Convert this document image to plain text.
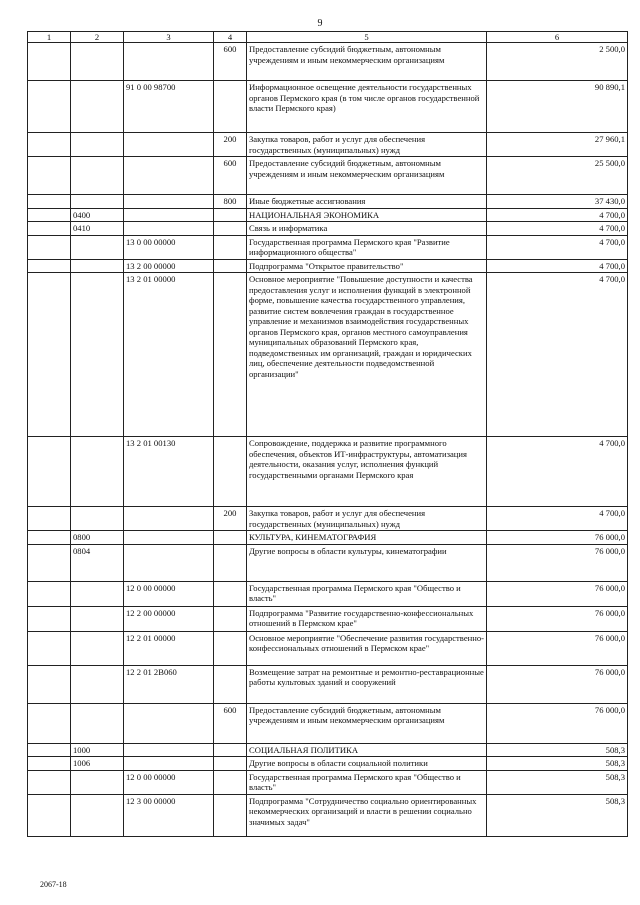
9
1	2	3	4	5	6
			600	Предоставление субсидий бюджетным, автономным учреждениям и иным некоммерческим организациям	2 500,0
		91 0 00 98700		Информационное освещение деятельности государственных органов Пермского края (в том числе органов государственной власти Пермского края)	90 890,1
			200	Закупка товаров, работ и услуг для обеспечения государственных (муниципальных) нужд	27 960,1
			600	Предоставление субсидий бюджетным, автономным учреждениям и иным некоммерческим организациям	25 500,0
			800	Иные бюджетные ассигнования	37 430,0
	0400			НАЦИОНАЛЬНАЯ ЭКОНОМИКА	4 700,0
	0410			Связь и информатика	4 700,0
		13 0 00 00000		Государственная программа Пермского края "Развитие информационного общества"	4 700,0
		13 2 00 00000		Подпрограмма "Открытое правительство"	4 700,0
		13 2 01 00000		Основное мероприятие "Повышение доступности и качества предоставления услуг и исполнения функций в электронной форме, повышение качества государственного управления, развитие систем вовлечения граждан в государственное управление и механизмов взаимодействия государственных органов Пермского края, органов местного самоуправления муниципальных образований Пермского края, подведомственных им организаций, граждан и юридических лиц, обеспечение деятельности подведомственной организации"	4 700,0
		13 2 01 00130		Сопровождение, поддержка и развитие программного обеспечения, объектов ИТ-инфраструктуры, автоматизация деятельности, оказания услуг, исполнения функций государственными органами Пермского края	4 700,0
			200	Закупка товаров, работ и услуг для обеспечения государственных (муниципальных) нужд	4 700,0
	0800			КУЛЬТУРА, КИНЕМАТОГРАФИЯ	76 000,0
	0804			Другие вопросы в области культуры, кинематографии	76 000,0
		12 0 00 00000		Государственная программа Пермского края "Общество и власть"	76 000,0
		12 2 00 00000		Подпрограмма "Развитие государственно-конфессиональных отношений в Пермском крае"	76 000,0
		12 2 01 00000		Основное мероприятие "Обеспечение развития государственно-конфессиональных отношений в Пермском крае"	76 000,0
		12 2 01 2В060		Возмещение затрат на ремонтные и ремонтно-реставрационные работы культовых зданий и сооружений	76 000,0
			600	Предоставление субсидий бюджетным, автономным учреждениям и иным некоммерческим организациям	76 000,0
	1000			СОЦИАЛЬНАЯ ПОЛИТИКА	508,3
	1006			Другие вопросы в области социальной политики	508,3
		12 0 00 00000		Государственная программа Пермского края "Общество и власть"	508,3
		12 3 00 00000		Подпрограмма "Сотрудничество социально ориентированных некоммерческих организаций и власти в решении социально значимых задач"	508,3
2067-18
